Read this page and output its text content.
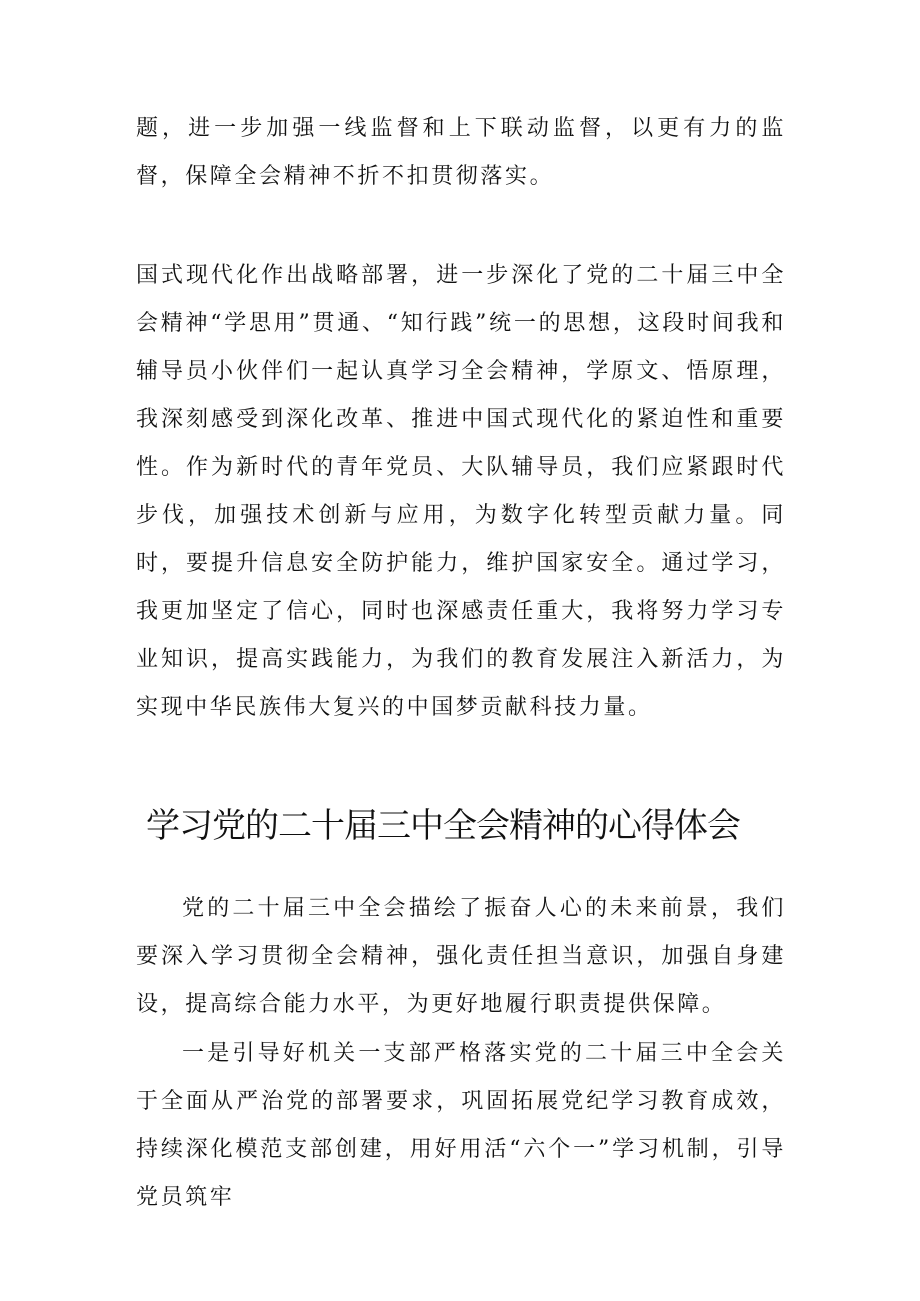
题，进一步加强一线监督和上下联动监督，以更有力的监督，保障全会精神不折不扣贯彻落实。

国式现代化作出战略部署，进一步深化了党的二十届三中全会精神“学思用”贯通、“知行践”统一的思想，这段时间我和辅导员小伙伴们一起认真学习全会精神，学原文、悟原理，我深刻感受到深化改革、推进中国式现代化的紧迫性和重要性。作为新时代的青年党员、大队辅导员，我们应紧跟时代步伐，加强技术创新与应用，为数字化转型贡献力量。同时，要提升信息安全防护能力，维护国家安全。通过学习，我更加坚定了信心，同时也深感责任重大，我将努力学习专业知识，提高实践能力，为我们的教育发展注入新活力，为实现中华民族伟大复兴的中国梦贡献科技力量。

学习党的二十届三中全会精神的心得体会

党的二十届三中全会描绘了振奋人心的未来前景，我们要深入学习贯彻全会精神，强化责任担当意识，加强自身建设，提高综合能力水平，为更好地履行职责提供保障。

一是引导好机关一支部严格落实党的二十届三中全会关于全面从严治党的部署要求，巩固拓展党纪学习教育成效，持续深化模范支部创建，用好用活“六个一”学习机制，引导党员筑牢
